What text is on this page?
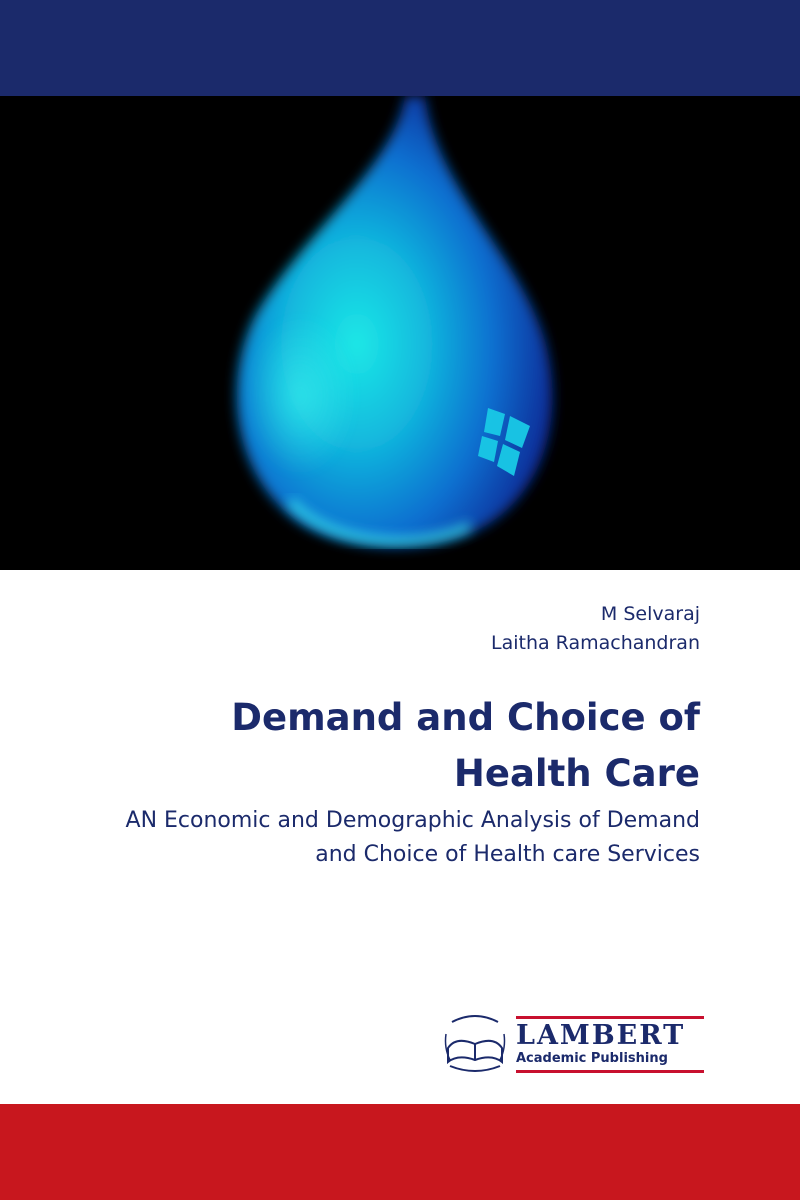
M Selvaraj
Laitha Ramachandran
Demand and Choice of
Health Care
AN Economic and Demographic Analysis of Demand
and Choice of Health care Services
LAMBERT
Academic Publishing
